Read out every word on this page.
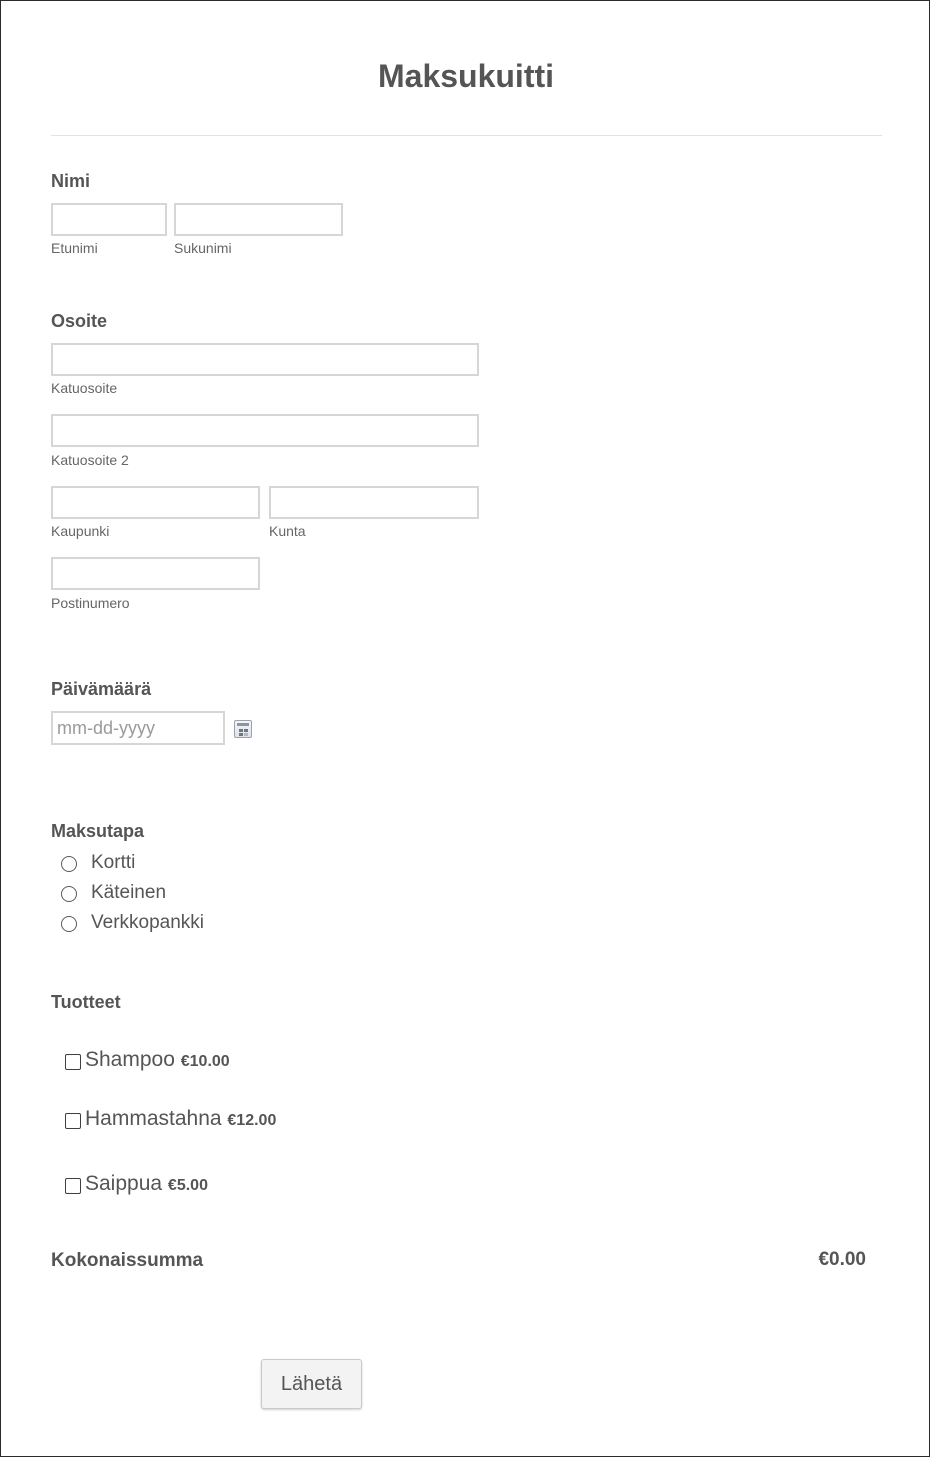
Maksukuitti
Nimi
Etunimi	Sukunimi
Osoite
Katuosoite
Katuosoite 2
Kaupunki	Kunta
Postinumero
Päivämäärä
mm-dd-yyyy
Maksutapa
Kortti
Käteinen
Verkkopankki
Tuotteet
Shampoo €10.00
Hammastahna €12.00
Saippua €5.00
Kokonaissumma	€0.00
Lähetä
